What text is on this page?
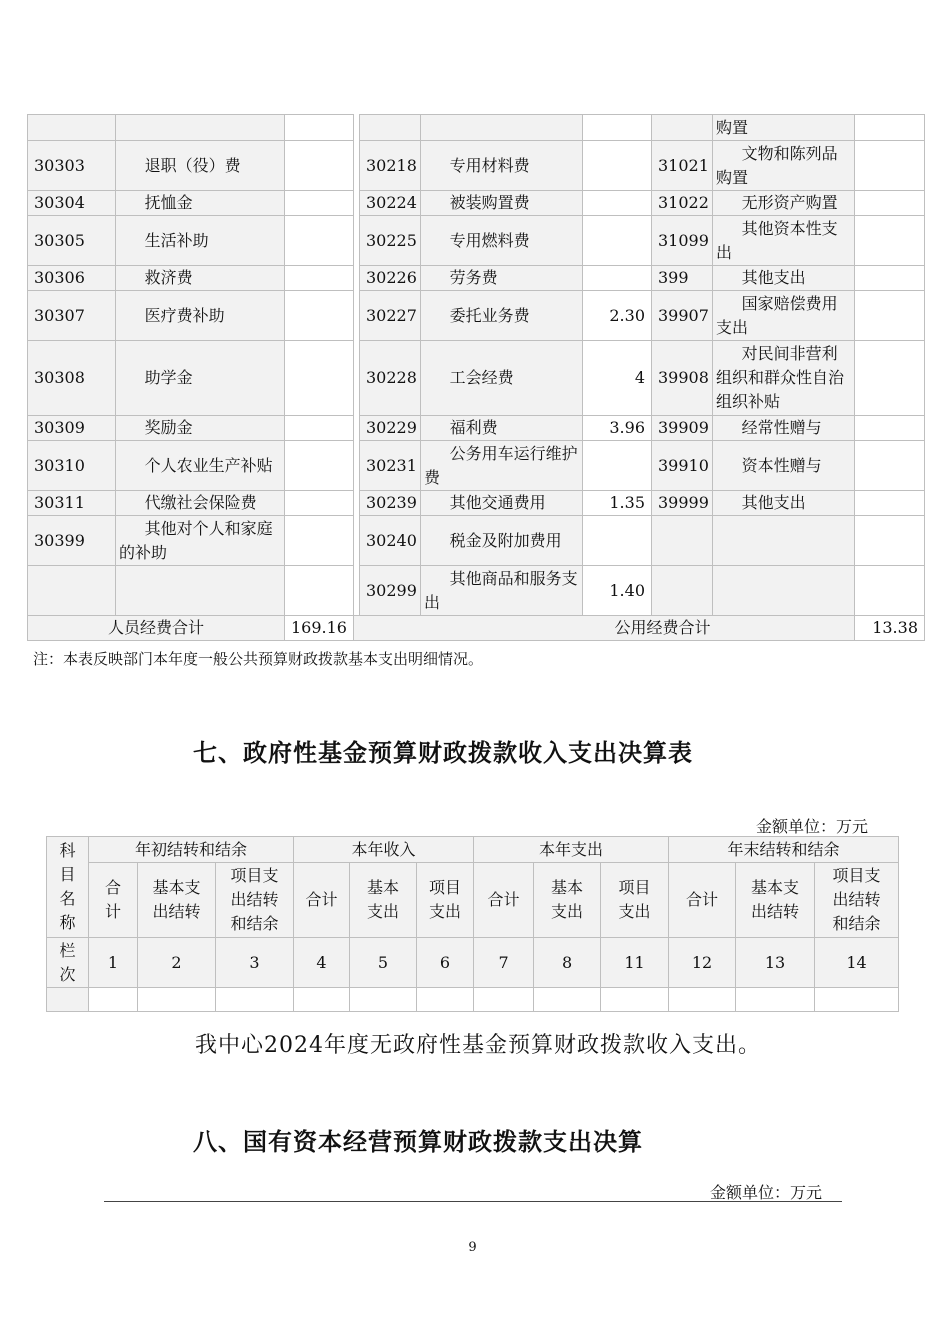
								购置	
30303	退职（役）费			30218	专用材料费		31021	文物和陈列品购置	
30304	抚恤金			30224	被装购置费		31022	无形资产购置	
30305	生活补助			30225	专用燃料费		31099	其他资本性支出	
30306	救济费			30226	劳务费		399	其他支出	
30307	医疗费补助			30227	委托业务费	2.30	39907	国家赔偿费用支出	
30308	助学金			30228	工会经费	4	39908	对民间非营利组织和群众性自治组织补贴	
30309	奖励金			30229	福利费	3.96	39909	经常性赠与	
30310	个人农业生产补贴			30231	公务用车运行维护费		39910	资本性赠与	
30311	代缴社会保险费			30239	其他交通费用	1.35	39999	其他支出	
30399	其他对个人和家庭的补助			30240	税金及附加费用				
				30299	其他商品和服务支出	1.40			
人员经费合计		169.16	公用经费合计						13.38
注：本表反映部门本年度一般公共预算财政拨款基本支出明细情况。
七、政府性基金预算财政拨款收入支出决算表
金额单位：万元
科目名称	年初结转和结余			本年收入			本年支出			年末结转和结余		
	合计	基本支出结转	项目支出结转和结余	合计	基本支出	项目支出	合计	基本支出	项目支出	合计	基本支出结转	项目支出结转和结余
栏次	1	2	3	4	5	6	7	8	11	12	13	14

我中心2024年度无政府性基金预算财政拨款收入支出。
八、国有资本经营预算财政拨款支出决算
金额单位：万元
9
